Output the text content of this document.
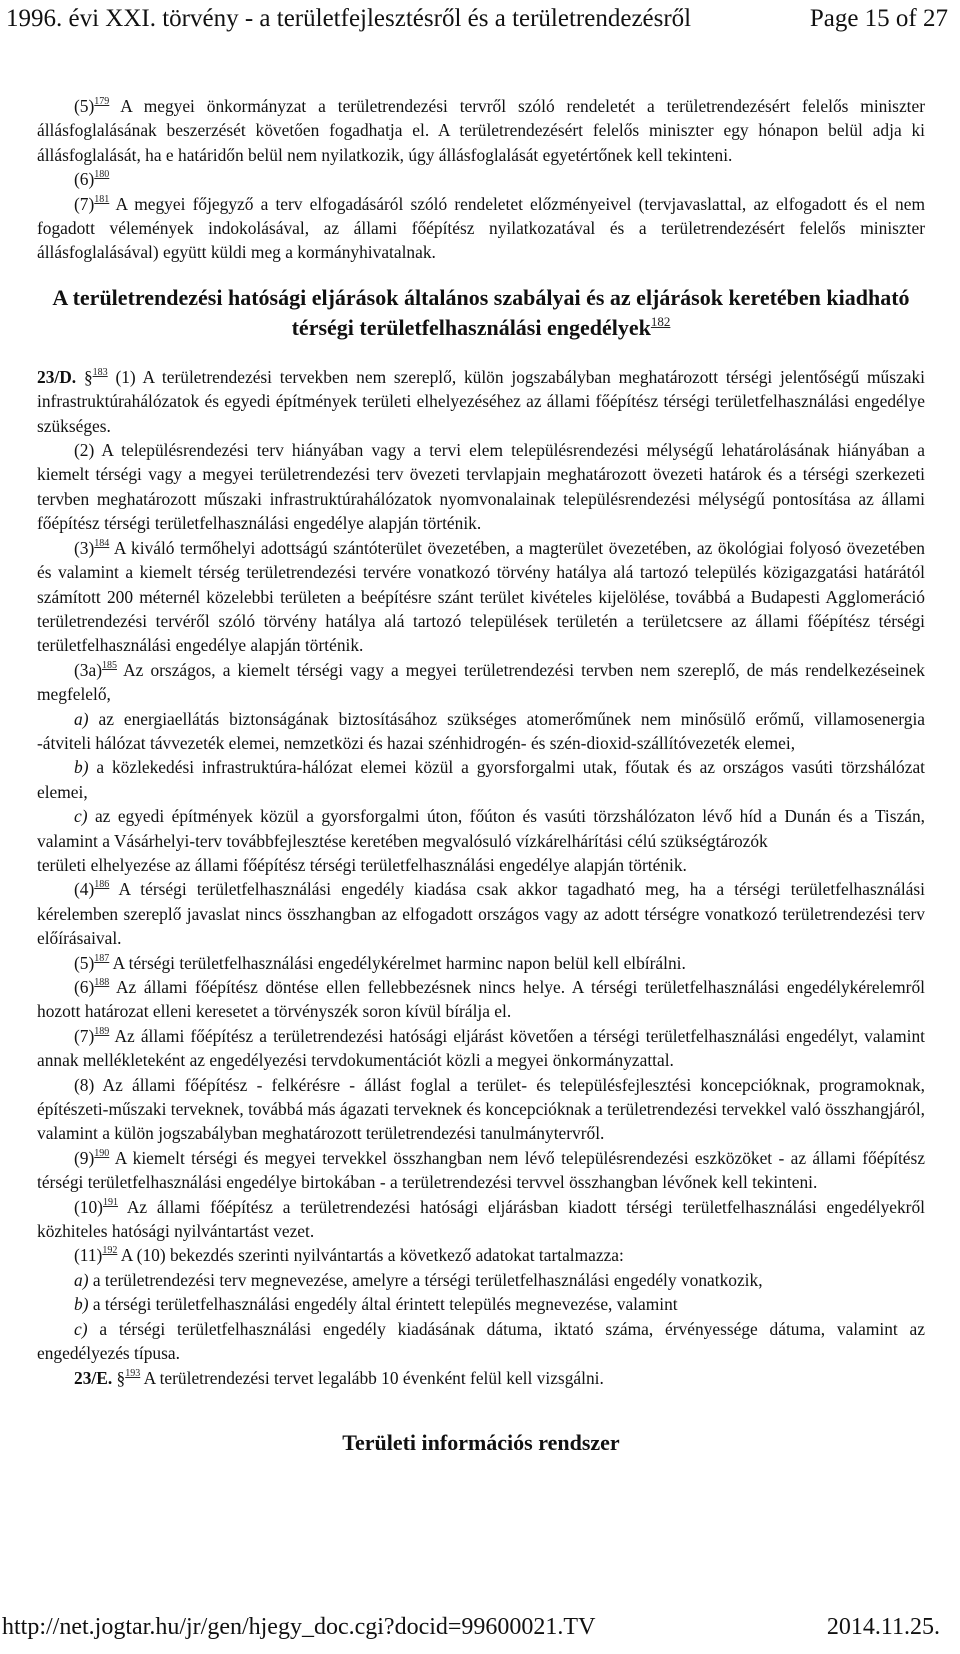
1996. évi XXI. törvény - a területfejlesztésről és a területrendezésről	Page 15 of 27

$(5)^{179}$ A megyei önkormányzat a területrendezési tervről szóló rendeletét a területrendezésért felelős miniszter állásfoglalásának beszerzését követően fogadhatja el. A területrendezésért felelős miniszter egy hónapon belül adja ki állásfoglalását, ha e határidőn belül nem nyilatkozik, úgy állásfoglalását egyetértőnek kell tekinteni.

$(6)^{180}$

$(7)^{181}$ A megyei főjegyző a terv elfogadásáról szóló rendeletet előzményeivel (tervjavaslattal, az elfogadott és el nem fogadott vélemények indokolásával, az állami főépítész nyilatkozatával és a területrendezésért felelős miniszter állásfoglalásával) együtt küldi meg a kormányhivatalnak.

A területrendezési hatósági eljárások általános szabályai és az eljárások keretében kiadható
térségi területfelhasználási engedélyek$^{182}$

23/D. §$^{183}$ (1) A területrendezési tervekben nem szereplő, külön jogszabályban meghatározott térségi jelentőségű műszaki infrastruktúrahálózatok és egyedi építmények területi elhelyezéséhez az állami főépítész térségi területfelhasználási engedélye szükséges.

(2) A településrendezési terv hiányában vagy a tervi elem településrendezési mélységű lehatárolásának hiányában a kiemelt térségi vagy a megyei területrendezési terv övezeti tervlapjain meghatározott övezeti határok és a térségi szerkezeti tervben meghatározott műszaki infrastruktúrahálózatok nyomvonalainak településrendezési mélységű pontosítása az állami főépítész térségi területfelhasználási engedélye alapján történik.

$(3)^{184}$ A kiváló termőhelyi adottságú szántóterület övezetében, a magterület övezetében, az ökológiai folyosó övezetében és valamint a kiemelt térség területrendezési tervére vonatkozó törvény hatálya alá tartozó település közigazgatási határától számított 200 méternél közelebbi területen a beépítésre szánt terület kivételes kijelölése, továbbá a Budapesti Agglomeráció területrendezési tervéről szóló törvény hatálya alá tartozó települések területén a területcsere az állami főépítész térségi területfelhasználási engedélye alapján történik.

$(3a)^{185}$ Az országos, a kiemelt térségi vagy a megyei területrendezési tervben nem szereplő, de más rendelkezéseinek megfelelő,

a) az energiaellátás biztonságának biztosításához szükséges atomerőműnek nem minősülő erőmű, villamosenergia -átviteli hálózat távvezeték elemei, nemzetközi és hazai szénhidrogén- és szén-dioxid-szállítóvezeték elemei,

b) a közlekedési infrastruktúra-hálózat elemei közül a gyorsforgalmi utak, főutak és az országos vasúti törzshálózat elemei,

c) az egyedi építmények közül a gyorsforgalmi úton, főúton és vasúti törzshálózaton lévő híd a Dunán és a Tiszán, valamint a Vásárhelyi-terv továbbfejlesztése keretében megvalósuló vízkárelhárítási célú szükségtározók

területi elhelyezése az állami főépítész térségi területfelhasználási engedélye alapján történik.

$(4)^{186}$ A térségi területfelhasználási engedély kiadása csak akkor tagadható meg, ha a térségi területfelhasználási kérelemben szereplő javaslat nincs összhangban az elfogadott országos vagy az adott térségre vonatkozó területrendezési terv előírásaival.

$(5)^{187}$ A térségi területfelhasználási engedélykérelmet harminc napon belül kell elbírálni.

$(6)^{188}$ Az állami főépítész döntése ellen fellebbezésnek nincs helye. A térségi területfelhasználási engedélykérelemről hozott határozat elleni keresetet a törvényszék soron kívül bírálja el.

$(7)^{189}$ Az állami főépítész a területrendezési hatósági eljárást követően a térségi területfelhasználási engedélyt, valamint annak mellékleteként az engedélyezési tervdokumentációt közli a megyei önkormányzattal.

(8) Az állami főépítész - felkérésre - állást foglal a terület- és településfejlesztési koncepcióknak, programoknak, építészeti-műszaki terveknek, továbbá más ágazati terveknek és koncepcióknak a területrendezési tervekkel való összhangjáról, valamint a külön jogszabályban meghatározott területrendezési tanulmánytervről.

$(9)^{190}$ A kiemelt térségi és megyei tervekkel összhangban nem lévő településrendezési eszközöket - az állami főépítész térségi területfelhasználási engedélye birtokában - a területrendezési tervvel összhangban lévőnek kell tekinteni.

$(10)^{191}$ Az állami főépítész a területrendezési hatósági eljárásban kiadott térségi területfelhasználási engedélyekről közhiteles hatósági nyilvántartást vezet.

$(11)^{192}$ A (10) bekezdés szerinti nyilvántartás a következő adatokat tartalmazza:

a) a területrendezési terv megnevezése, amelyre a térségi területfelhasználási engedély vonatkozik,

b) a térségi területfelhasználási engedély által érintett település megnevezése, valamint

c) a térségi területfelhasználási engedély kiadásának dátuma, iktató száma, érvényessége dátuma, valamint az engedélyezés típusa.

23/E. §$^{193}$ A területrendezési tervet legalább 10 évenként felül kell vizsgálni.

Területi információs rendszer
http://net.jogtar.hu/jr/gen/hjegy_doc.cgi?docid=99600021.TV	2014.11.25.
